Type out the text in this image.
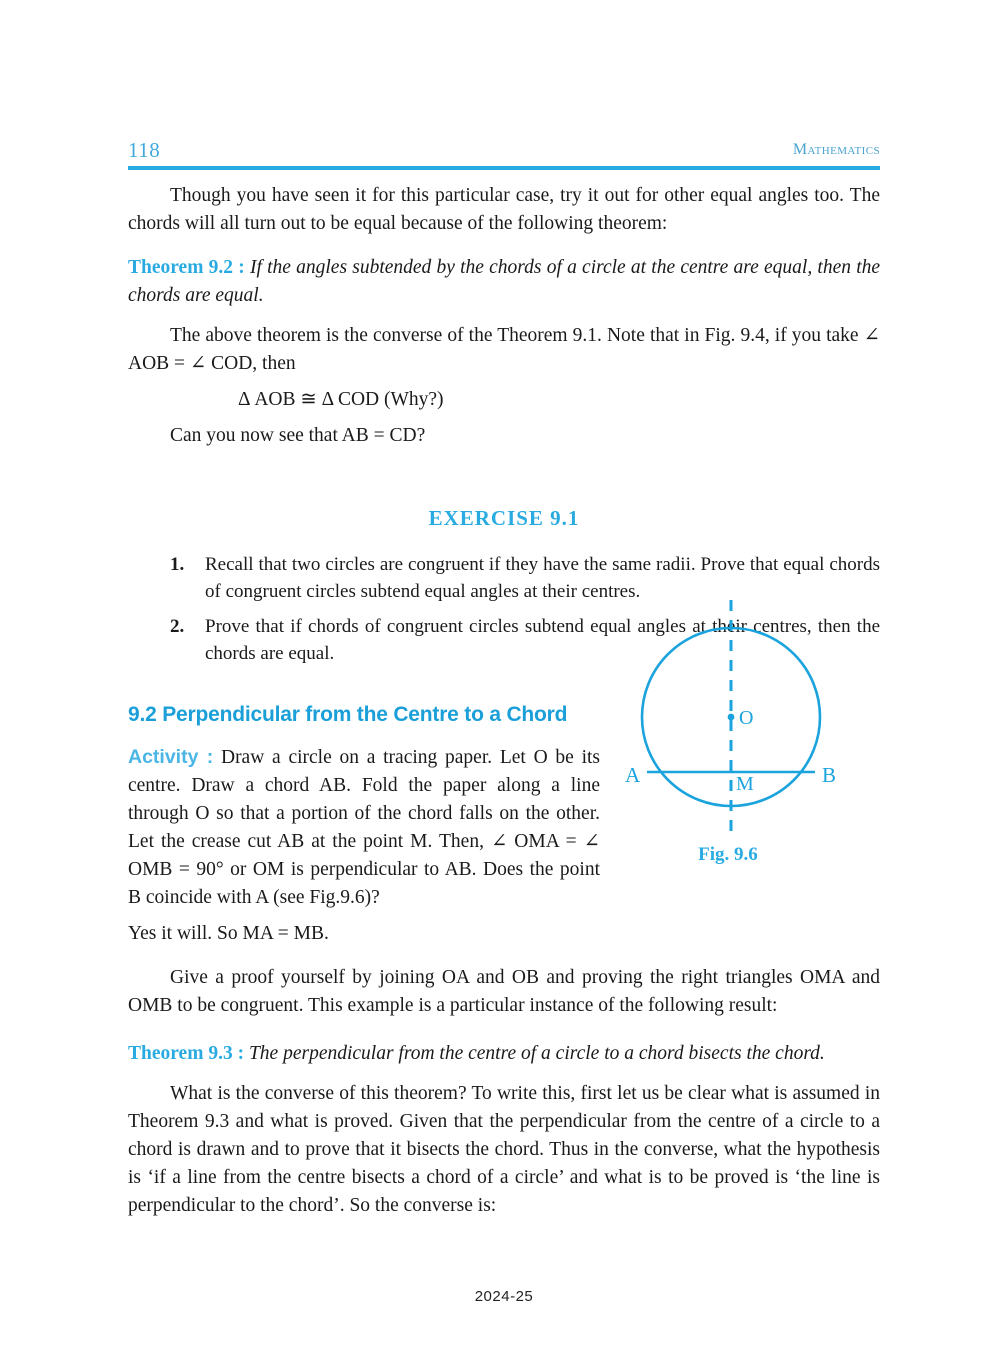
118	Mathematics

Though you have seen it for this particular case, try it out for other equal angles too. The chords will all turn out to be equal because of the following theorem:

Theorem 9.2 : If the angles subtended by the chords of a circle at the centre are equal, then the chords are equal.

The above theorem is the converse of the Theorem 9.1. Note that in Fig. 9.4, if you take ∠ AOB = ∠ COD, then

Δ AOB ≅ Δ COD (Why?)

Can you now see that AB = CD?

EXERCISE 9.1
1. Recall that two circles are congruent if they have the same radii. Prove that equal chords of congruent circles subtend equal angles at their centres.
2. Prove that if chords of congruent circles subtend equal angles at their centres, then the chords are equal.
9.2 Perpendicular from the Centre to a Chord

Activity : Draw a circle on a tracing paper. Let O be its centre. Draw a chord AB. Fold the paper along a line through O so that a portion of the chord falls on the other. Let the crease cut AB at the point M. Then, ∠ OMA = ∠ OMB = 90° or OM is perpendicular to AB. Does the point B coincide with A (see Fig.9.6)?

Yes it will. So MA = MB.

Give a proof yourself by joining OA and OB and proving the right triangles OMA and OMB to be congruent. This example is a particular instance of the following result:

Theorem 9.3 : The perpendicular from the centre of a circle to a chord bisects the chord.

What is the converse of this theorem? To write this, first let us be clear what is assumed in Theorem 9.3 and what is proved. Given that the perpendicular from the centre of a circle to a chord is drawn and to prove that it bisects the chord. Thus in the converse, what the hypothesis is ‘if a line from the centre bisects a chord of a circle’ and what is to be proved is ‘the line is perpendicular to the chord’. So the converse is:

O
A	B
M
Fig. 9.6
2024-25
